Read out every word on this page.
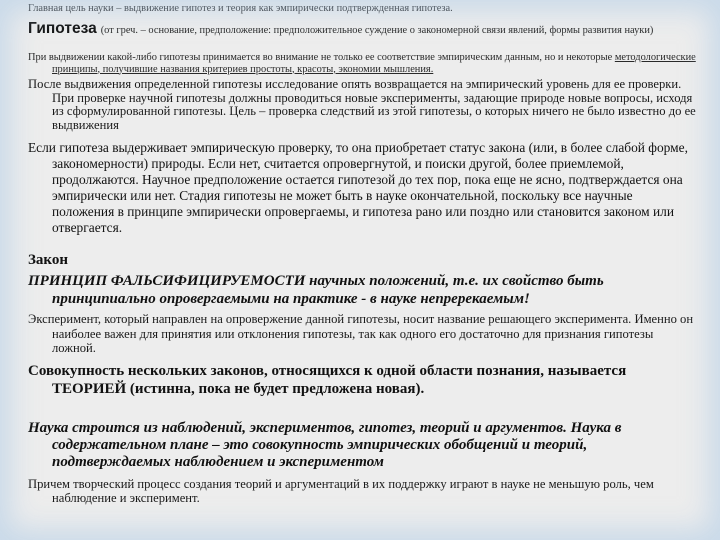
Главная цель науки – выдвижение гипотез и теория как эмпирически подтвержденная гипотеза.

Гипотеза (от греч. – основание, предположение: предположительное суждение о закономерной связи явлений, формы развития науки)

При выдвижении какой-либо гипотезы принимается во внимание не только ее соответствие эмпирическим данным, но и некоторые методологические принципы, получившие названия критериев простоты, красоты, экономии мышления.

После выдвижения определенной гипотезы исследование опять возвращается на эмпирический уровень для ее проверки. При проверке научной гипотезы должны проводиться новые эксперименты, задающие природе новые вопросы, исходя из сформулированной гипотезы. Цель – проверка следствий из этой гипотезы, о которых ничего не было известно до ее выдвижения

Если гипотеза выдерживает эмпирическую проверку, то она приобретает статус закона (или, в более слабой форме, закономерности) природы. Если нет, считается опровергнутой, и поиски другой, более приемлемой, продолжаются. Научное предположение остается гипотезой до тех пор, пока еще не ясно, подтверждается она эмпирически или нет. Стадия гипотезы не может быть в науке окончательной, поскольку все научные положения в принципе эмпирически опровергаемы, и гипотеза рано или поздно или становится законом или отвергается.

Закон

ПРИНЦИП ФАЛЬСИФИЦИРУЕМОСТИ научных положений, т.е. их свойство быть принципиально опровергаемыми на практике - в науке непререкаемым!

Эксперимент, который направлен на опровержение данной гипотезы, носит название решающего эксперимента. Именно он наиболее важен для принятия или отклонения гипотезы, так как одного его достаточно для признания гипотезы ложной.

Совокупность нескольких законов, относящихся к одной области познания, называется ТЕОРИЕЙ (истинна, пока не будет предложена новая).

Наука строится из наблюдений, экспериментов, гипотез, теорий и аргументов. Наука в содержательном плане – это совокупность эмпирических обобщений и теорий, подтверждаемых наблюдением и экспериментом

Причем творческий процесс создания теорий и аргументаций в их поддержку играют в науке не меньшую роль, чем наблюдение и эксперимент.
